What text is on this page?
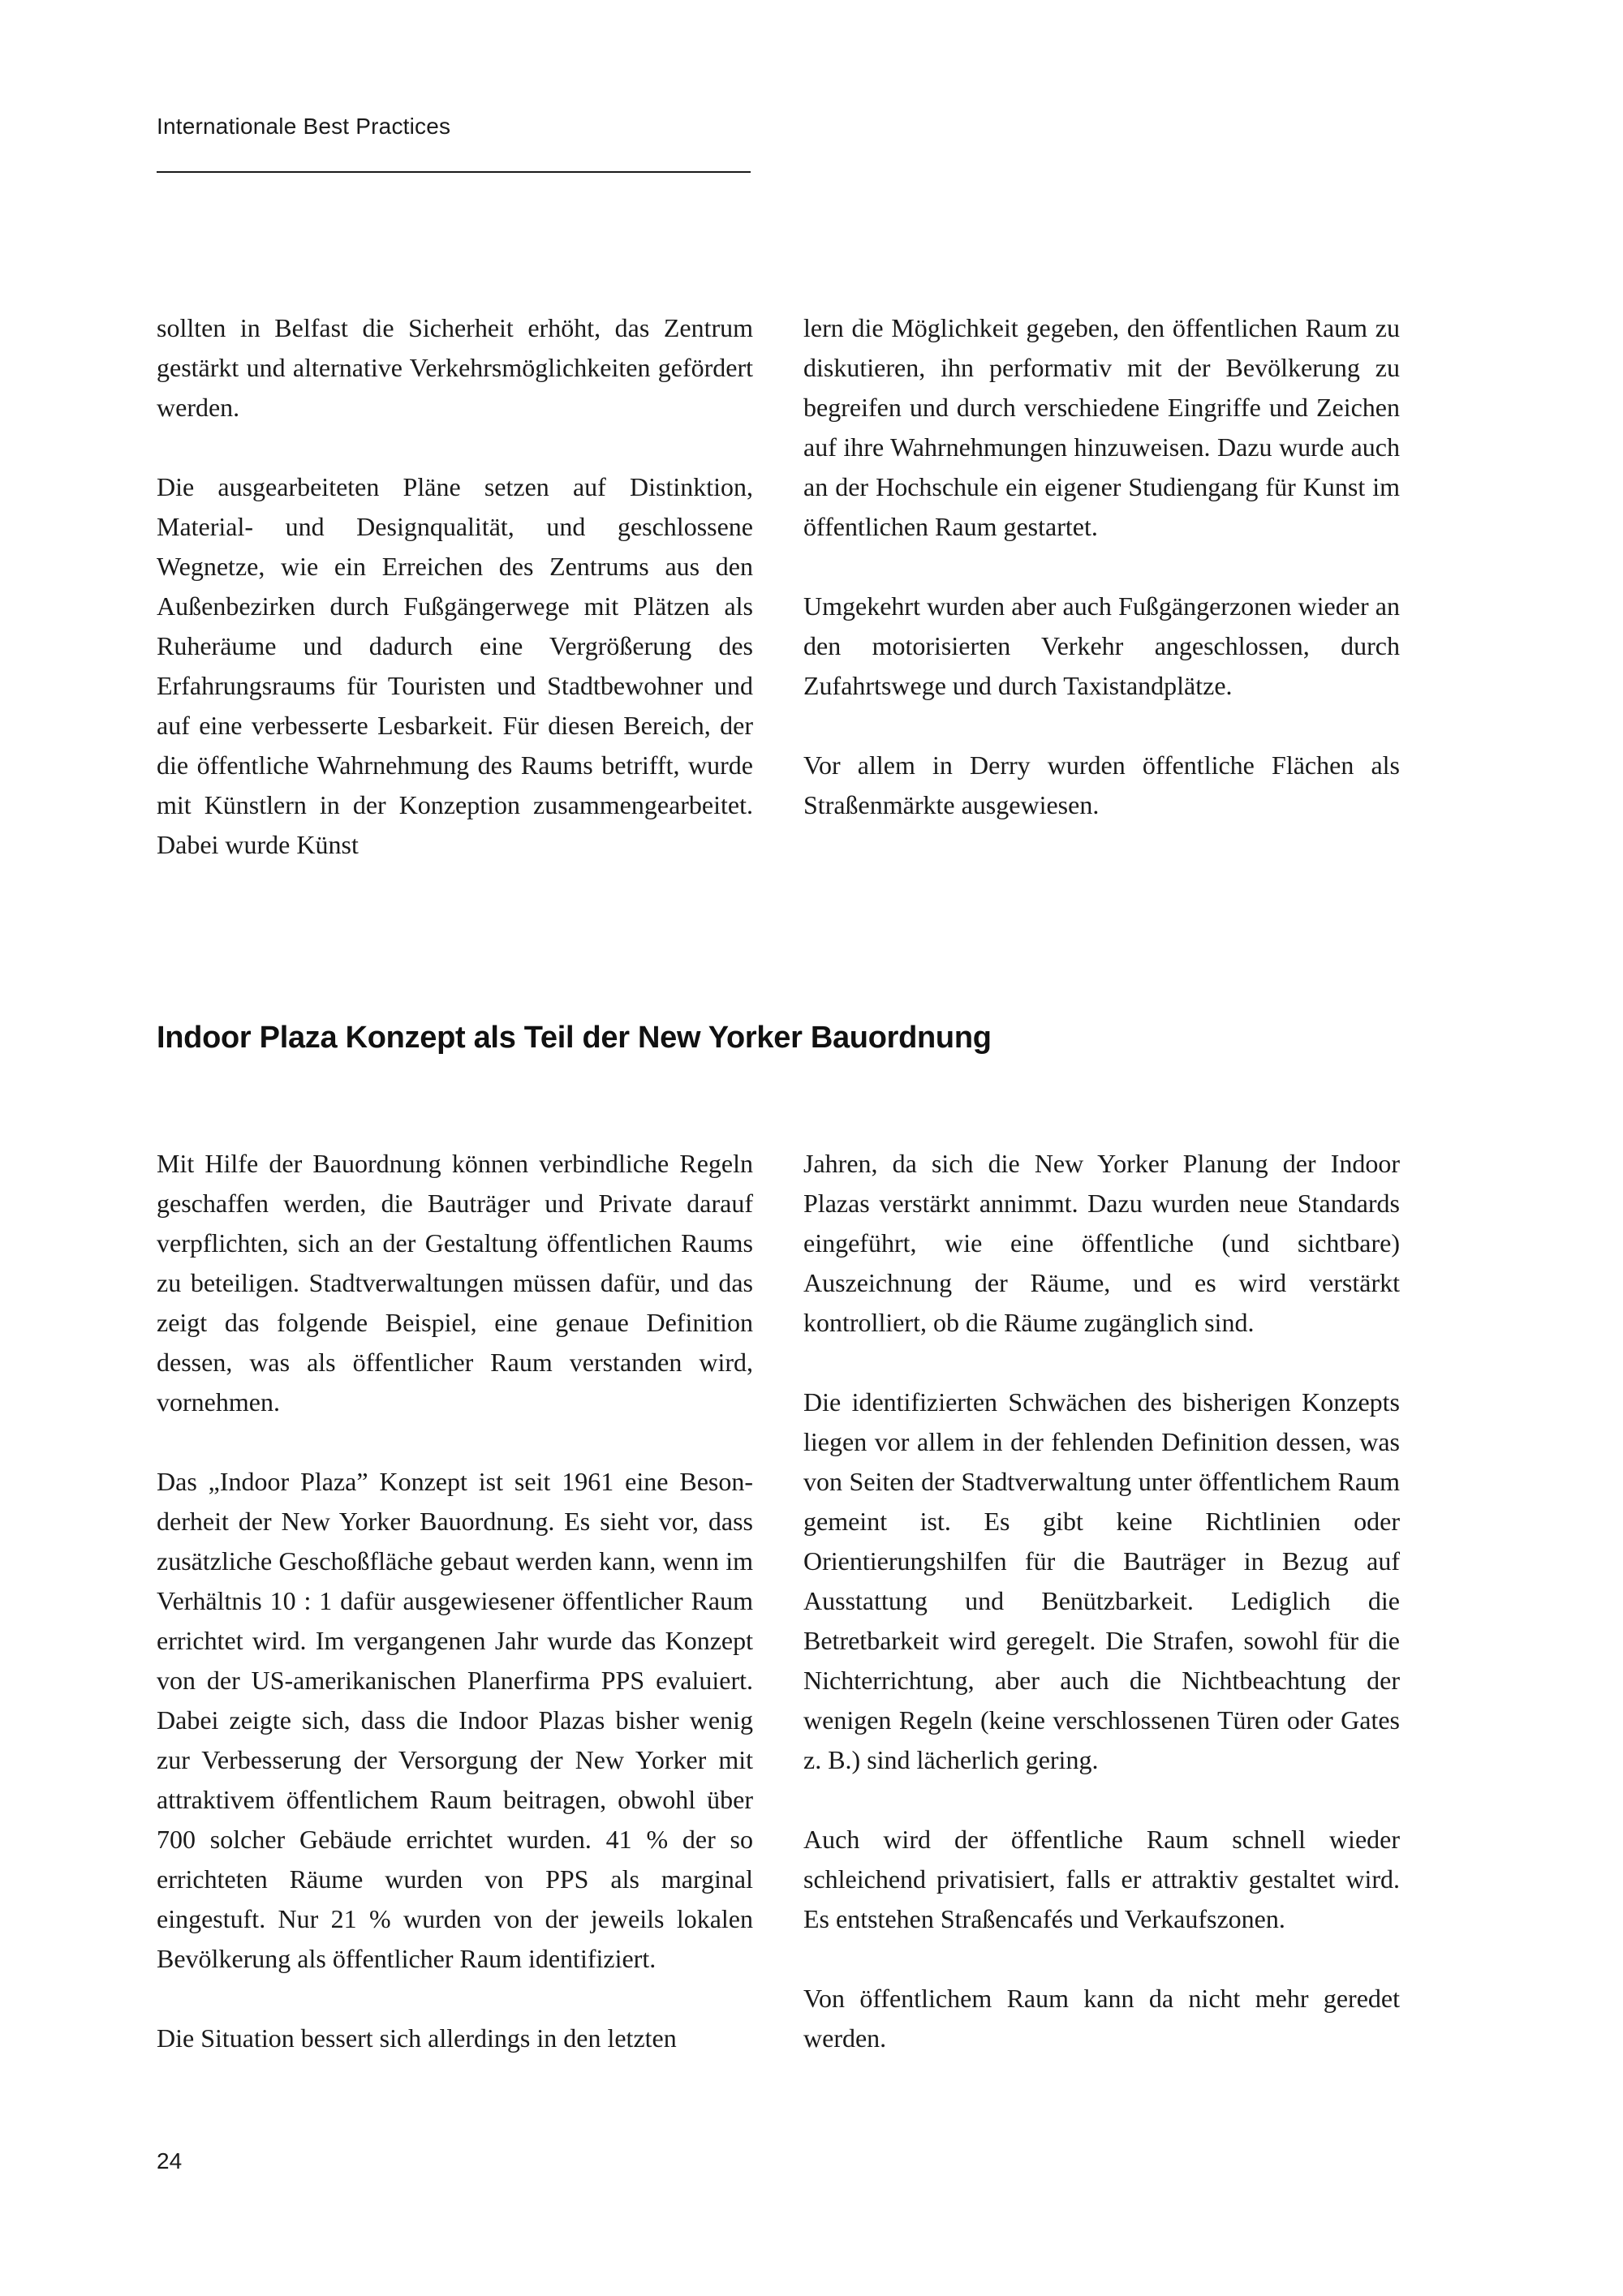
Internationale Best Practices

sollten in Belfast die Sicherheit erhöht, das Zentrum gestärkt und alternative Verkehrsmöglichkeiten gefördert werden.

Die ausgearbeiteten Pläne setzen auf Distinktion, Material- und Designqualität, und geschlossene Wegnetze, wie ein Erreichen des Zentrums aus den Außenbezirken durch Fußgängerwege mit Plätzen als Ruheräume und dadurch eine Vergrößerung des Erfahrungsraums für Touristen und Stadtbewohner und auf eine verbesserte Lesbarkeit. Für diesen Bereich, der die öffentliche Wahrnehmung des Raums betrifft, wurde mit Künstlern in der Konzeption zusammengearbeitet. Dabei wurde Künst

lern die Möglichkeit gegeben, den öffentlichen Raum zu diskutieren, ihn performativ mit der Bevölkerung zu begreifen und durch verschiedene Eingriffe und Zeichen auf ihre Wahrnehmungen hinzuweisen. Dazu wurde auch an der Hochschule ein eigener Studiengang für Kunst im öffentlichen Raum gestartet.

Umgekehrt wurden aber auch Fußgängerzonen wieder an den motorisierten Verkehr angeschlossen, durch Zufahrtswege und durch Taxistandplätze.

Vor allem in Derry wurden öffentliche Flächen als Straßenmärkte ausgewiesen.

Indoor Plaza Konzept als Teil der New Yorker Bauordnung

Mit Hilfe der Bauordnung können verbindliche Regeln geschaffen werden, die Bauträger und Private darauf verpflichten, sich an der Gestaltung öffentlichen Raums zu beteiligen. Stadtverwaltungen müssen dafür, und das zeigt das folgende Beispiel, eine genaue Definition dessen, was als öffentlicher Raum verstanden wird, vornehmen.

Das „Indoor Plaza” Konzept ist seit 1961 eine Besonderheit der New Yorker Bauordnung. Es sieht vor, dass zusätzliche Geschoßfläche gebaut werden kann, wenn im Verhältnis 10 : 1 dafür ausgewiesener öffentlicher Raum errichtet wird. Im vergangenen Jahr wurde das Konzept von der US-amerikanischen Planerfirma PPS evaluiert. Dabei zeigte sich, dass die Indoor Plazas bisher wenig zur Verbesserung der Versorgung der New Yorker mit attraktivem öffentlichem Raum beitragen, obwohl über 700 solcher Gebäude errichtet wurden. 41 % der so errichteten Räume wurden von PPS als marginal eingestuft. Nur 21 % wurden von der jeweils lokalen Bevölkerung als öffentlicher Raum identifiziert.

Die Situation bessert sich allerdings in den letzten

Jahren, da sich die New Yorker Planung der Indoor Plazas verstärkt annimmt. Dazu wurden neue Standards eingeführt, wie eine öffentliche (und sichtbare) Auszeichnung der Räume, und es wird verstärkt kontrolliert, ob die Räume zugänglich sind.

Die identifizierten Schwächen des bisherigen Konzepts liegen vor allem in der fehlenden Definition dessen, was von Seiten der Stadtverwaltung unter öffentlichem Raum gemeint ist. Es gibt keine Richtlinien oder Orientierungshilfen für die Bauträger in Bezug auf Ausstattung und Benützbarkeit. Lediglich die Betretbarkeit wird geregelt. Die Strafen, sowohl für die Nichterrichtung, aber auch die Nichtbeachtung der wenigen Regeln (keine verschlossenen Türen oder Gates z. B.) sind lächerlich gering.

Auch wird der öffentliche Raum schnell wieder schleichend privatisiert, falls er attraktiv gestaltet wird. Es entstehen Straßencafés und Verkaufszonen.

Von öffentlichem Raum kann da nicht mehr geredet werden.

24
